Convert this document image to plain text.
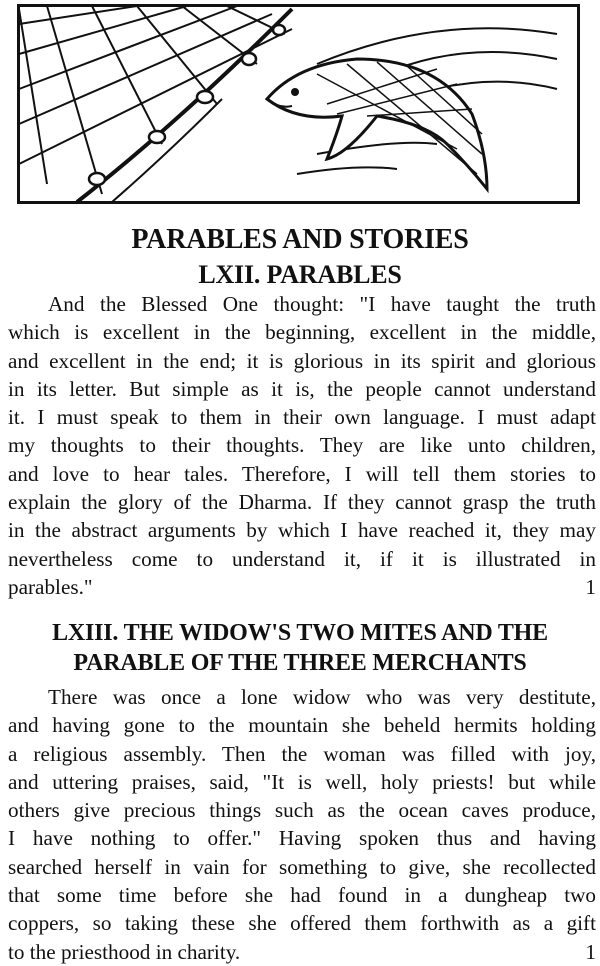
PARABLES AND STORIES
LXII. PARABLES

And the Blessed One thought: "I have taught the truth
which is excellent in the beginning, excellent in the middle,
and excellent in the end; it is glorious in its spirit and glorious
in its letter. But simple as it is, the people cannot understand
it. I must speak to them in their own language. I must adapt
my thoughts to their thoughts. They are like unto children,
and love to hear tales. Therefore, I will tell them stories to
explain the glory of the Dharma. If they cannot grasp the truth
in the abstract arguments by which I have reached it, they may
nevertheless come to understand it, if it is illustrated in
parables."	1

LXIII. THE WIDOW'S TWO MITES AND THE
PARABLE OF THE THREE MERCHANTS

There was once a lone widow who was very destitute,
and having gone to the mountain she beheld hermits holding
a religious assembly. Then the woman was filled with joy,
and uttering praises, said, "It is well, holy priests! but while
others give precious things such as the ocean caves produce,
I have nothing to offer." Having spoken thus and having
searched herself in vain for something to give, she recollected
that some time before she had found in a dungheap two
coppers, so taking these she offered them forthwith as a gift
to the priesthood in charity.	1
